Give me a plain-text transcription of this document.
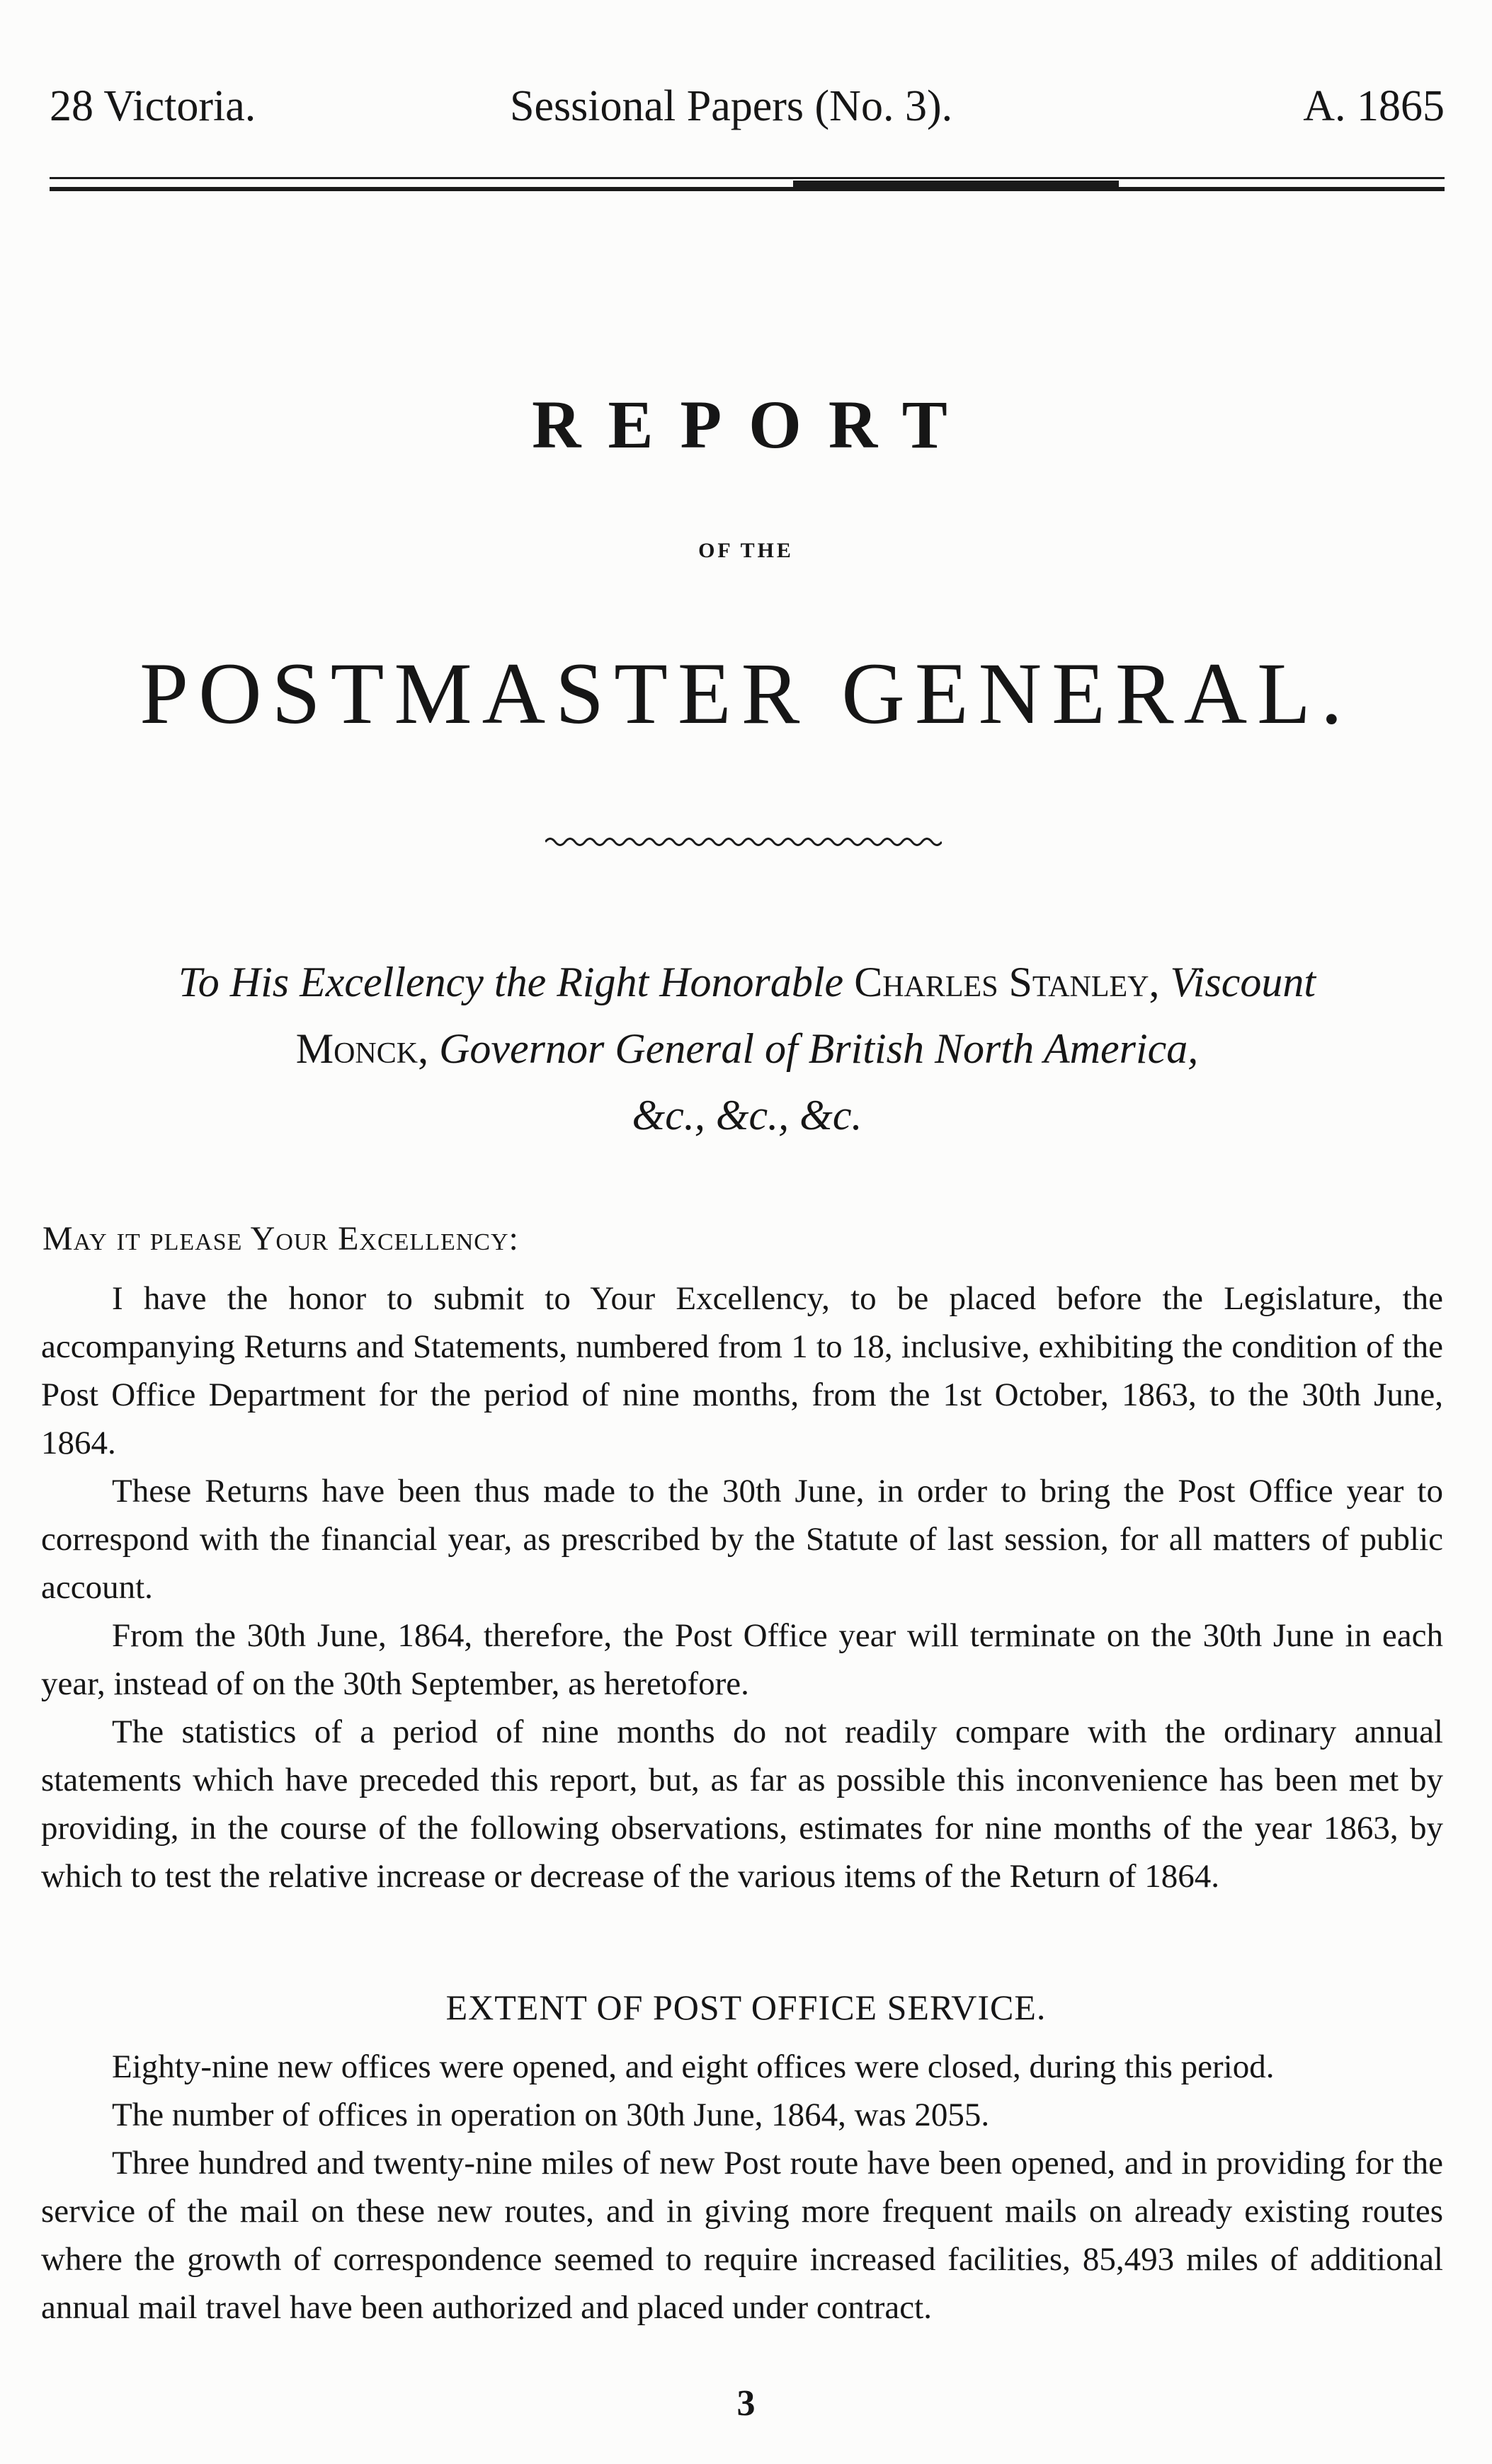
28 Victoria.	Sessional Papers (No. 3).	A. 1865
REPORT
OF THE
POSTMASTER GENERAL.
To His Excellency the Right Honorable Charles Stanley, Viscount
Monck, Governor General of British North America,
&c., &c., &c.
May it please Your Excellency:

I have the honor to submit to Your Excellency, to be placed before the Legislature, the accompanying Returns and Statements, numbered from 1 to 18, inclusive, exhibiting the condition of the Post Office Department for the period of nine months, from the 1st October, 1863, to the 30th June, 1864.

These Returns have been thus made to the 30th June, in order to bring the Post Office year to correspond with the financial year, as prescribed by the Statute of last session, for all matters of public account.

From the 30th June, 1864, therefore, the Post Office year will terminate on the 30th June in each year, instead of on the 30th September, as heretofore.

The statistics of a period of nine months do not readily compare with the ordinary annual statements which have preceded this report, but, as far as possible this inconvenience has been met by providing, in the course of the following observations, estimates for nine months of the year 1863, by which to test the relative increase or decrease of the various items of the Return of 1864.

EXTENT OF POST OFFICE SERVICE.

Eighty-nine new offices were opened, and eight offices were closed, during this period.

The number of offices in operation on 30th June, 1864, was 2055.

Three hundred and twenty-nine miles of new Post route have been opened, and in providing for the service of the mail on these new routes, and in giving more frequent mails on already existing routes where the growth of correspondence seemed to require increased facilities, 85,493 miles of additional annual mail travel have been authorized and placed under contract.

3
